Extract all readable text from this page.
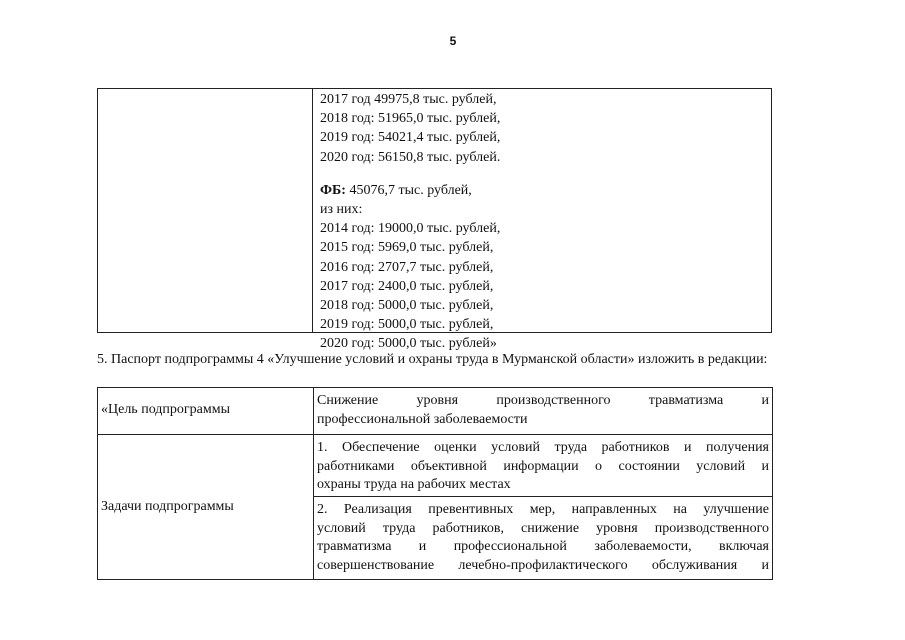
5
2017 год 49975,8 тыс. рублей,
2018 год: 51965,0 тыс. рублей,
2019 год: 54021,4 тыс. рублей,
2020 год: 56150,8 тыс. рублей.
ФБ: 45076,7 тыс. рублей,
из них:
2014 год: 19000,0 тыс. рублей,
2015 год: 5969,0 тыс. рублей,
2016 год: 2707,7 тыс. рублей,
2017 год: 2400,0 тыс. рублей,
2018 год: 5000,0 тыс. рублей,
2019 год: 5000,0 тыс. рублей,
2020 год: 5000,0 тыс. рублей»
5. Паспорт подпрограммы 4 «Улучшение условий и охраны труда в Мурманской области» изложить в редакции:
«Цель подпрограммы
Снижение уровня производственного травматизма и
профессиональной заболеваемости
Задачи подпрограммы
1. Обеспечение оценки условий труда работников и получения
работниками объективной информации о состоянии условий и
охраны труда на рабочих местах
2. Реализация превентивных мер, направленных на улучшение
условий труда работников, снижение уровня производственного
травматизма и профессиональной заболеваемости, включая
совершенствование лечебно-профилактического обслуживания и
